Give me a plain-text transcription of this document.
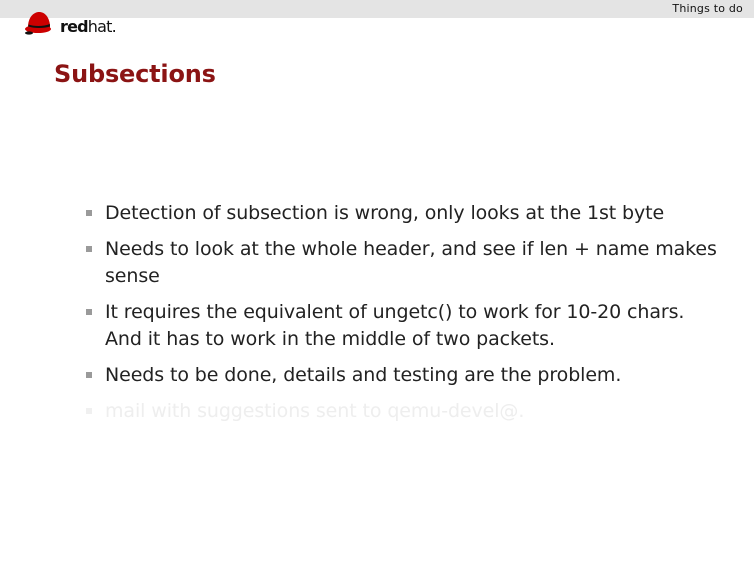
Things to do
redhat.
Subsections
Detection of subsection is wrong, only looks at the 1st byte
Needs to look at the whole header, and see if len + name makes sense
It requires the equivalent of ungetc() to work for 10-20 chars. And it has to work in the middle of two packets.
Needs to be done, details and testing are the problem.
mail with suggestions sent to qemu-devel@.
